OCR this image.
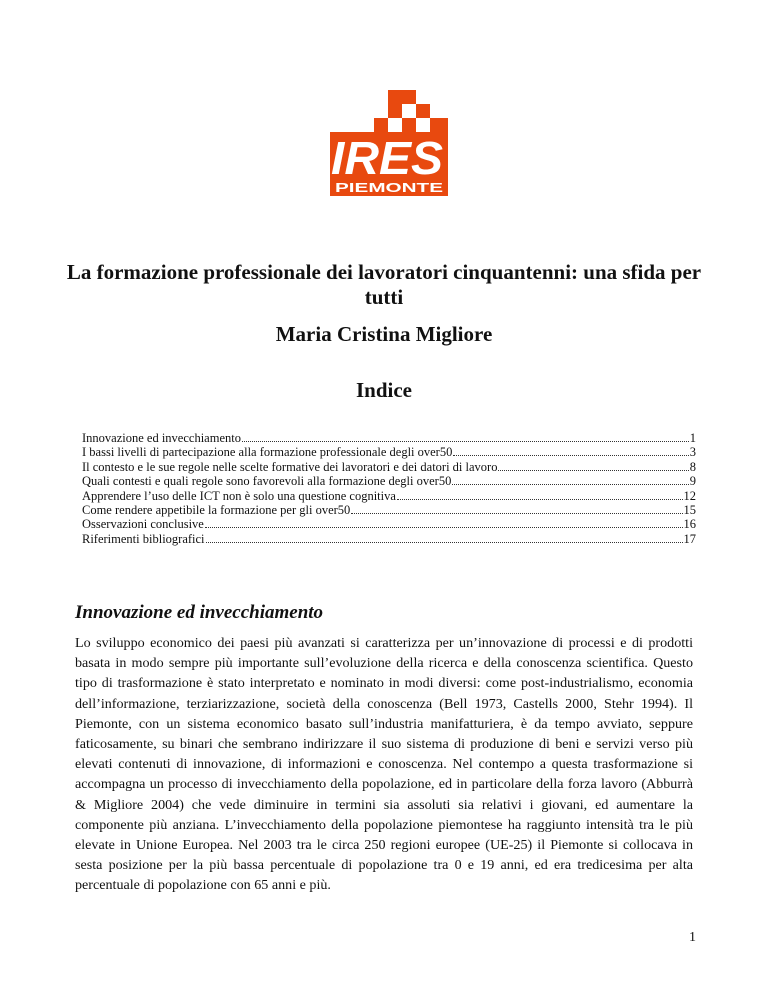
IRES
PIEMONTE
La formazione professionale dei lavoratori cinquantenni: una sfida per tutti
Maria Cristina Migliore
Indice
Innovazione ed invecchiamento	1
I bassi livelli di partecipazione alla formazione professionale degli over50	3
Il contesto e le sue regole nelle scelte formative dei lavoratori e dei datori di lavoro	8
Quali contesti e quali regole sono favorevoli alla formazione degli over50	9
Apprendere l’uso delle ICT non è solo una questione cognitiva	12
Come rendere appetibile la formazione per gli over50	15
Osservazioni conclusive	16
Riferimenti bibliografici	17
Innovazione ed invecchiamento

Lo sviluppo economico dei paesi più avanzati si caratterizza per un’innovazione di processi e di prodotti basata in modo sempre più importante sull’evoluzione della ricerca e della conoscenza scientifica. Questo tipo di trasformazione è stato interpretato e nominato in modi diversi: come post-industrialismo, economia dell’informazione, terziarizzazione, società della conoscenza (Bell 1973, Castells 2000, Stehr 1994). Il Piemonte, con un sistema economico basato sull’industria manifatturiera, è da tempo avviato, seppure faticosamente, su binari che sembrano indirizzare il suo sistema di produzione di beni e servizi verso più elevati contenuti di innovazione, di informazioni e conoscenza. Nel contempo a questa trasformazione si accompagna un processo di invecchiamento della popolazione, ed in particolare della forza lavoro (Abburrà & Migliore 2004) che vede diminuire in termini sia assoluti sia relativi i giovani, ed aumentare la componente più anziana. L’invecchiamento della popolazione piemontese ha raggiunto intensità tra le più elevate in Unione Europea. Nel 2003 tra le circa 250 regioni europee (UE-25) il Piemonte si collocava in sesta posizione per la più bassa percentuale di popolazione tra 0 e 19 anni, ed era tredicesima per alta percentuale di popolazione con 65 anni e più.

1
